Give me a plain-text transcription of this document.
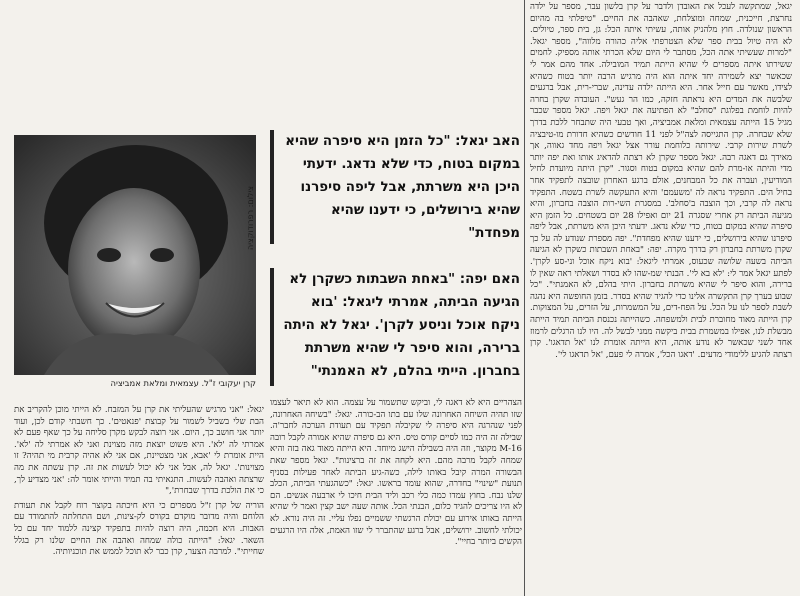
יגאל, שמתקשה לעכל את האובדן ולדבר על קרן בלשון עבר, מספר על ילדה נחרצת, חייכנית, שמחה ומוצלחת, שאהבה את החיים. "טיפלתי בה מהיום הראשון שנולדה. חוץ מלהניק אותה, עשיתי איתה הכל: גן, בית ספר, טיולים. לא היה טיול בבית ספר שלא הצטרפתי אליה כהורה מלווה", מספר יגאל. "למרות שעשיתי אתה הכל, מסתבר לי היום שלא הכרתי אותה מספיק. לחמים ששירתו איתה מספרים לי שהיא הייתה תמיד המובילה. אחד מהם אמר לי שכאשר יצא לשמירה יחד איתה הוא היה מרגיש הרבה יותר בטוח כשהיא לצידו, מאשר עם חייל אחר. היא הייתה ילדה עדינה, שברי-רית, אבל ברגעים שלבשה את המדים היא נראתה חזקה, כמו הר געש". העובדה שקרן בחרה להיות לוחמת בפלוגת "סחלב" לא הפתיעה את יגאל ויפה. יגאל מספר שכבר מגיל 15 הייתה עצמאית ומלאת אמביציה, ואך טבעי היה שתבחר ללכת בדרך שלא שבחרה. קרן התגייסה לצה"ל לפני 11 חודשים כשהיא חדורת מו-טיבציה לשרת שירות קרבי. שירותה כלוחמת עורר אצל יגאל ויפה מחד גאווה, אך מאידך גם דאגה רבה. יגאל מספר שקרן לא רצתה להדאיג אותו ואת יפה יותר מדי והיתה או-מרת להם שהיא במקום בטוח וסגור. "קרן היתה מיועדת לחיל המודיעין, ועברה את כל המבחנים, אולם ברגע האחרון שובצה לתפקיד אחר בחיל הים. התפקיד נראה לה 'משעמם' והיא התעקשה לשרת בשטח. התפקיד נראה לה קרבי, וכך הוצבה ב'סחלב'. במסגרת השי-רות הוצבה בחברון, והיא מגיעה הביתה רק אחרי שסגרה 21 יום ואפילו 28 יום בשטחים. כל הזמן היא סיפרה שהיא במקום בטוח, כדי שלא נדאג. ידעתי היכן היא משרתת, אבל ליפה סיפרנו שהיא בירושלים, כי ידענו שהיא מפחדת". יפה מספרת שנודע לה על כך שקרן משרתת בחברון רק בדרך מקרה. יפה: "באחת השבתות כשקרן לא הגיעה הביתה בשעה שלושה שכעוס, אמרתי ליגאל: 'בוא ניקח אוכל וני-סע לקרן'. לפתע יגאל אמר לי: 'לא בא לי'. הבנתי שמ-שהו לא בסדר ושאלתי ראה שאין לו ברירה, והוא סיפר לי שהיא משרתת בחברון. היתי בהלם, לא האמנתי". "כל שבוע בערך קרן התקשרה אלינו כדי להגיד שהיא בסדר. בזמן החופשה היא נהגה לשבת לספר לנו על הכל. על הפח-דים, על המשמרות, על הזרים, על המצוקות. קרן הייתה מאוד מחוברת לבית ולמשפחה. כשהייתה נכנסת הביתה תמיד הייתה מבשלת לנו, אפילו במשמרת בבית ביקשה ממני לבשל לה. היו לנו הרגלים לרמוז אחד לשני שכאשר לא נודע אותה, היא הייתה אומרת לנו 'אל תדאגו'. קרן רצתה להגיע ללימודי מדעים. 'דאגו הכל', אמרה לי פעם, 'אל תדאגו לי'.

האב יגאל: "כל הזמן היא סיפרה שהיא במקום בטוח, כדי שלא נדאג. ידעתי היכן היא משרתת, אבל ליפה סיפרנו שהיא בירושלים, כי ידענו שהיא מפחדת"
האם יפה: "באחת השבתות כשקרן לא הגיעה הביתה, אמרתי ליגאל: 'בוא ניקח אוכל וניסע לקרן'. יגאל לא היתה ברירה, והוא סיפר לי שהיא משרתת בחברון. הייתי בהלם, לא האמנתי"

הצהריים היא לא דאגה לי, וביקש שתשמור על עצמה. הוא לא תיאר לעצמו שזו תהיה השיחה האחרונה שלו עם בתו הב-כורה. יגאל: "בשיחה האחרונה, לפני שנהרגה היא סיפרה לי שקיבלה תפקיד עם תעודת הערכה לחבר'ה. שבילה זה היה כמו לסיים קורס טיס. היא גם סיפרה שהיא אמורה לקבל רובה M-16 מקוצר, וזה היה בשבילה הישג מיוחד. היא הייתה מאוד גאה בזה והיא שמחה לקבל מרבה מהם. היא לקחה את זה ברצינות". יגאל מספר שאת הבשורה המרה קיבל באותו לילה, כשה-גיע הביתה לאחר פעילות בסניף תנועת "שינוי" בחדרה, שהוא עומד בראשו. יגאל: "כשהגעתי הביתה, הכלב שלנו נבח. בחוץ עמדו כמה כלי רכב וליד הבית חיכו לי ארבעה אנשים. הם לא היו צריכים להגיד כלום, הבנתי הכל. אותה שעה ישב קצין ואמר לי שהיא הייתה באותו אירוע עם יכולת הרגשתי ששמיים נפלו עליי. זה היה נורא. לא יכולתי לחשוב. ירושלים, אבל ברגע שהתברר לי שזו האמת, אלה היו הרגעים הקשים ביותר בחיי".

צילום: רפרודוקציה
קרן יעקובי ז"ל. עצמאית ומלאת אמביציה

יגאל: "אני מרגיש שהעליתי את קרן על המזבח. לא הייתי מוכן להקריב את הבת שלי בשביל לשמור על קבוצת 'פנאטים'. כך חשבתי קודם לכן, ועוד יותר אני חושב כך, היום. אני רוצה לבקש מקרן סליחה על כך שאף פעם לא אמרתי לה 'לא'. היא פשוט יוצאת מזה מצוינת ואני לא אמרתי לה 'לא'. היית אומרת לי 'אבא, אני מצטיינת, אם אני לא אהיה קרבית מי תהיה? זו מצוינות'. יגאל לה, אבל אני לא יכול לעשות את זה. קרן עשתה את מה שרצתה ואהבה לעשות. התגאיתי בה תמיד והייתי אומר לה: 'אני מצדיע לך, כי את הולכת בדרך שבחרת',"

הוריה של קרן ז"ל מספרים כי היא חיכתה בקוצר רוח לקבל את תעודת הלוחם והיה מדובר מוקדם בקורס לק-צינות, ושם התחלתה להתמודד עם האבות. היא חכמה, היה רוצה להיות בתפקיד קצינה ללמוד יחד עם כל השאר. יגאל: "הייתה כולה שמחה ואהבה את החיים שלנו רק בגלל שחייתי". למרבה הצער, קרן כבר לא תוכל לממש את תוכניותיה.
